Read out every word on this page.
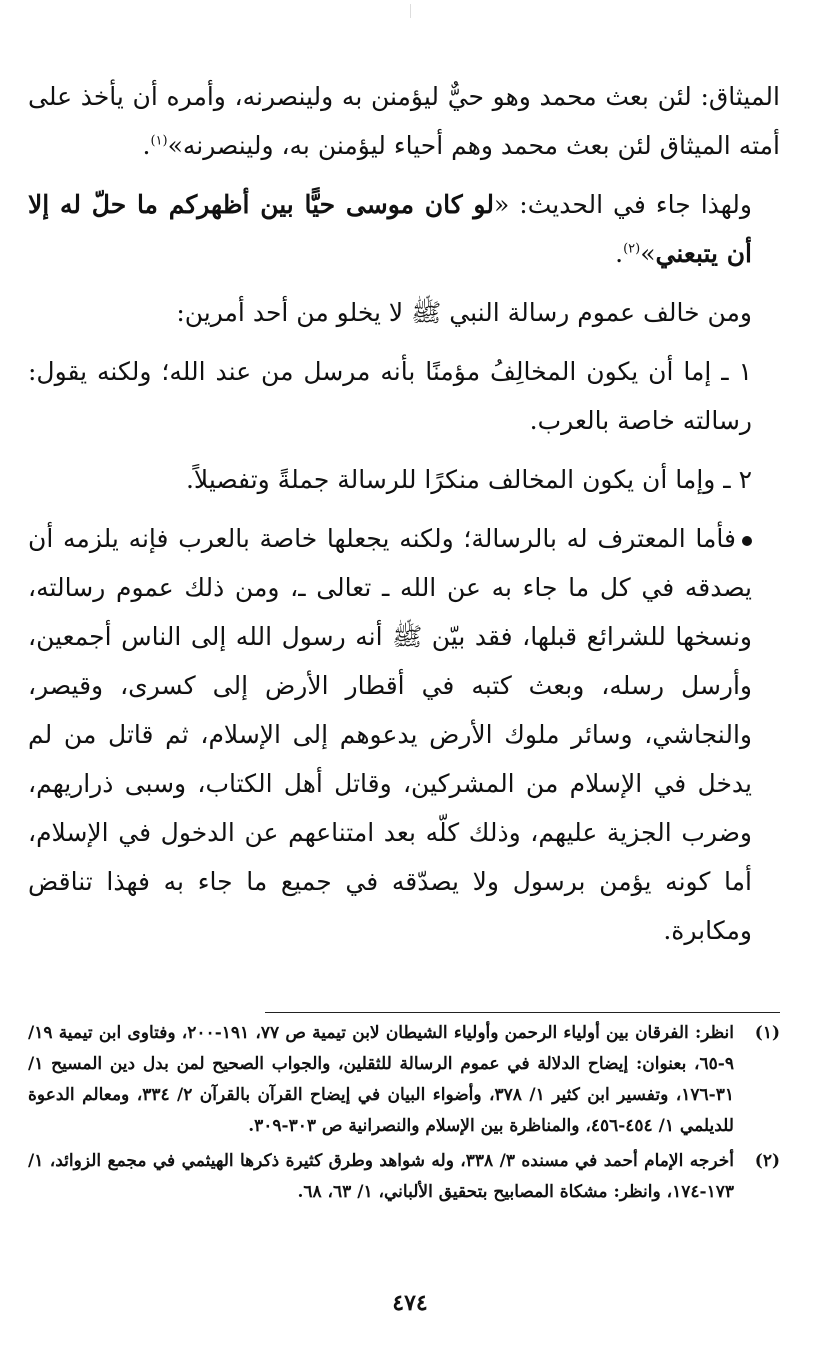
الميثاق: لئن بعث محمد وهو حيٌّ ليؤمنن به ولينصرنه، وأمره أن يأخذ على أمته الميثاق لئن بعث محمد وهم أحياء ليؤمنن به، ولينصرنه»$^{(١)}$.

ولهذا جاء في الحديث: «لو كان موسى حيًّا بين أظهركم ما حلّ له إلا أن يتبعني»$^{(٢)}$.

ومن خالف عموم رسالة النبي ﷺ لا يخلو من أحد أمرين:

١ ـ إما أن يكون المخالِفُ مؤمنًا بأنه مرسل من عند الله؛ ولكنه يقول: رسالته خاصة بالعرب.

٢ ـ وإما أن يكون المخالف منكرًا للرسالة جملةً وتفصيلاً.

فأما المعترف له بالرسالة؛ ولكنه يجعلها خاصة بالعرب فإنه يلزمه أن يصدقه في كل ما جاء به عن الله ـ تعالى ـ، ومن ذلك عموم رسالته، ونسخها للشرائع قبلها، فقد بيّن ﷺ أنه رسول الله إلى الناس أجمعين، وأرسل رسله، وبعث كتبه في أقطار الأرض إلى كسرى، وقيصر، والنجاشي، وسائر ملوك الأرض يدعوهم إلى الإسلام، ثم قاتل من لم يدخل في الإسلام من المشركين، وقاتل أهل الكتاب، وسبى ذراريهم، وضرب الجزية عليهم، وذلك كلّه بعد امتناعهم عن الدخول في الإسلام، أما كونه يؤمن برسول ولا يصدّقه في جميع ما جاء به فهذا تناقض ومكابرة.

(١)
انظر: الفرقان بين أولياء الرحمن وأولياء الشيطان لابن تيمية ص ٧٧، ١٩١-٢٠٠، وفتاوى ابن تيمية ١٩/ ٩-٦٥، بعنوان: إيضاح الدلالة في عموم الرسالة للثقلين، والجواب الصحيح لمن بدل دين المسيح ١/ ٣١-١٧٦، وتفسير ابن كثير ١/ ٣٧٨، وأضواء البيان في إيضاح القرآن بالقرآن ٢/ ٣٣٤، ومعالم الدعوة للديلمي ١/ ٤٥٤-٤٥٦، والمناظرة بين الإسلام والنصرانية ص ٣٠٣-٣٠٩.
(٢)
أخرجه الإمام أحمد في مسنده ٣/ ٣٣٨، وله شواهد وطرق كثيرة ذكرها الهيثمي في مجمع الزوائد، ١/ ١٧٣-١٧٤، وانظر: مشكاة المصابيح بتحقيق الألباني، ١/ ٦٣، ٦٨.
٤٧٤
